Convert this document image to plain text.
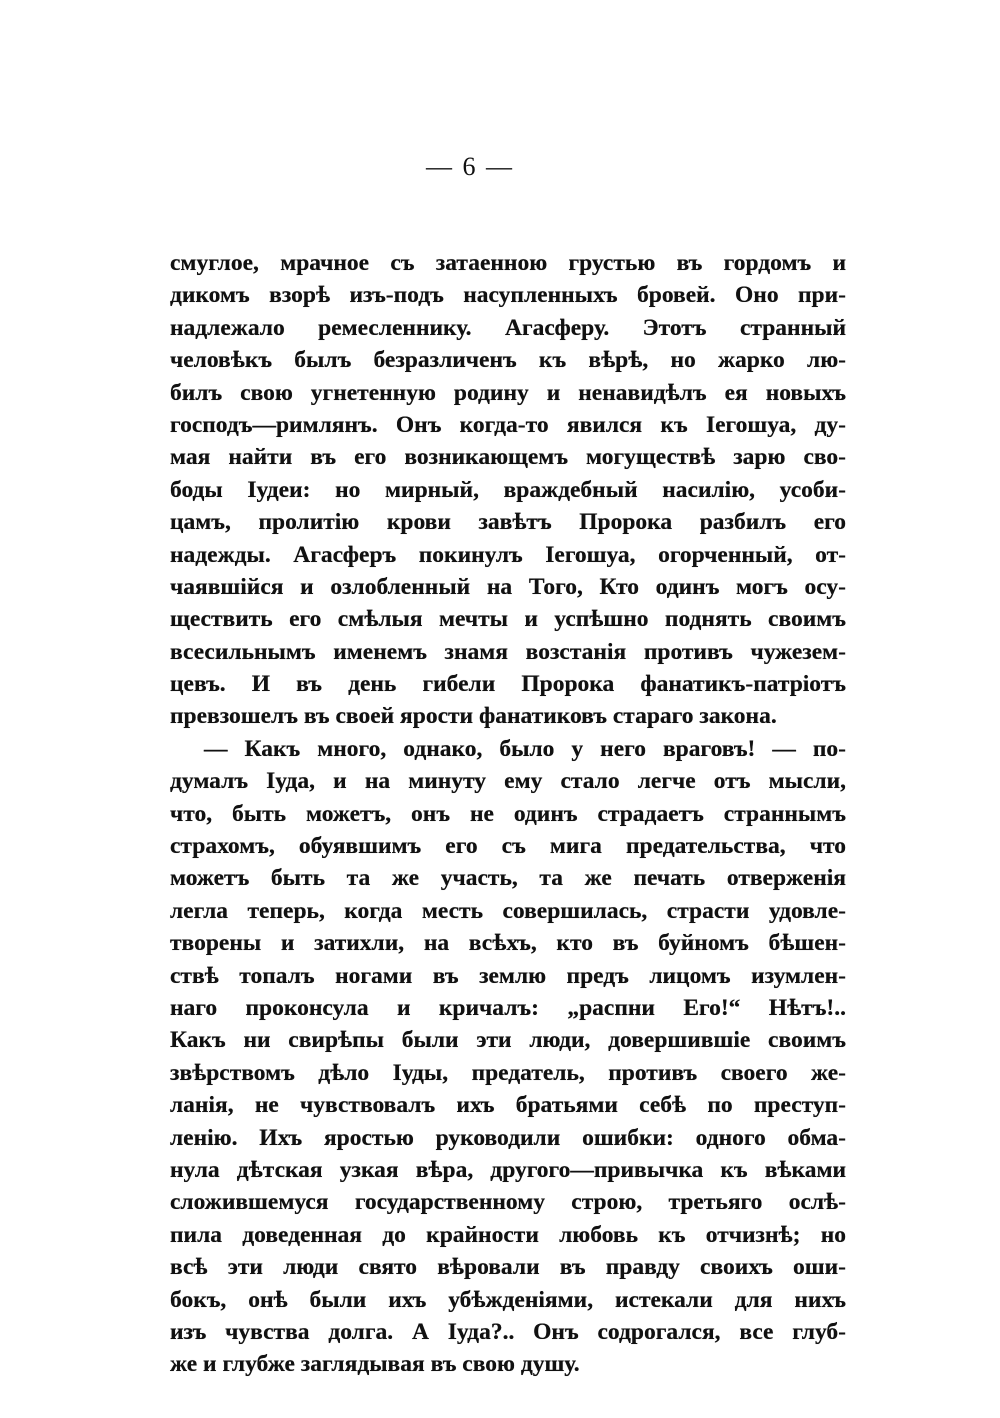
— 6 —
смуглое, мрачное съ затаенною грустью въ гордомъ и
дикомъ взорѣ изъ-подъ насупленныхъ бровей. Оно при-
надлежало ремесленнику. Агасферу. Этотъ странный
человѣкъ былъ безразличенъ къ вѣрѣ, но жарко лю-
билъ свою угнетенную родину и ненавидѣлъ ея новыхъ
господъ—римлянъ. Онъ когда-то явился къ Іегошуа, ду-
мая найти въ его возникающемъ могуществѣ зарю сво-
боды Іудеи: но мирный, враждебный насилію, усоби-
цамъ, пролитію крови завѣтъ Пророка разбилъ его
надежды. Агасферъ покинулъ Іегошуа, огорченный, от-
чаявшійся и озлобленный на Того, Кто одинъ могъ осу-
ществить его смѣлыя мечты и успѣшно поднять своимъ
всесильнымъ именемъ знамя возстанія противъ чужезем-
цевъ. И въ день гибели Пророка фанатикъ-патріотъ
превзошелъ въ своей ярости фанатиковъ стараго закона.
— Какъ много, однако, было у него враговъ! — по-
думалъ Іуда, и на минуту ему стало легче отъ мысли,
что, быть можетъ, онъ не одинъ страдаетъ страннымъ
страхомъ, обуявшимъ его съ мига предательства, что
можетъ быть та же участь, та же печать отверженія
легла теперь, когда месть совершилась, страсти удовле-
творены и затихли, на всѣхъ, кто въ буйномъ бѣшен-
ствѣ топалъ ногами въ землю предъ лицомъ изумлен-
наго проконсула и кричалъ: „распни Его!“ Нѣтъ!..
Какъ ни свирѣпы были эти люди, довершившіе своимъ
звѣрствомъ дѣло Іуды, предатель, противъ своего же-
ланія, не чувствовалъ ихъ братьями себѣ по преступ-
ленію. Ихъ яростью руководили ошибки: одного обма-
нула дѣтская узкая вѣра, другого—привычка къ вѣками
сложившемуся государственному строю, третьяго ослѣ-
пила доведенная до крайности любовь къ отчизнѣ; но
всѣ эти люди свято вѣровали въ правду своихъ оши-
бокъ, онѣ были ихъ убѣжденіями, истекали для нихъ
изъ чувства долга. А Іуда?.. Онъ содрогался, все глуб-
же и глубже заглядывая въ свою душу.
